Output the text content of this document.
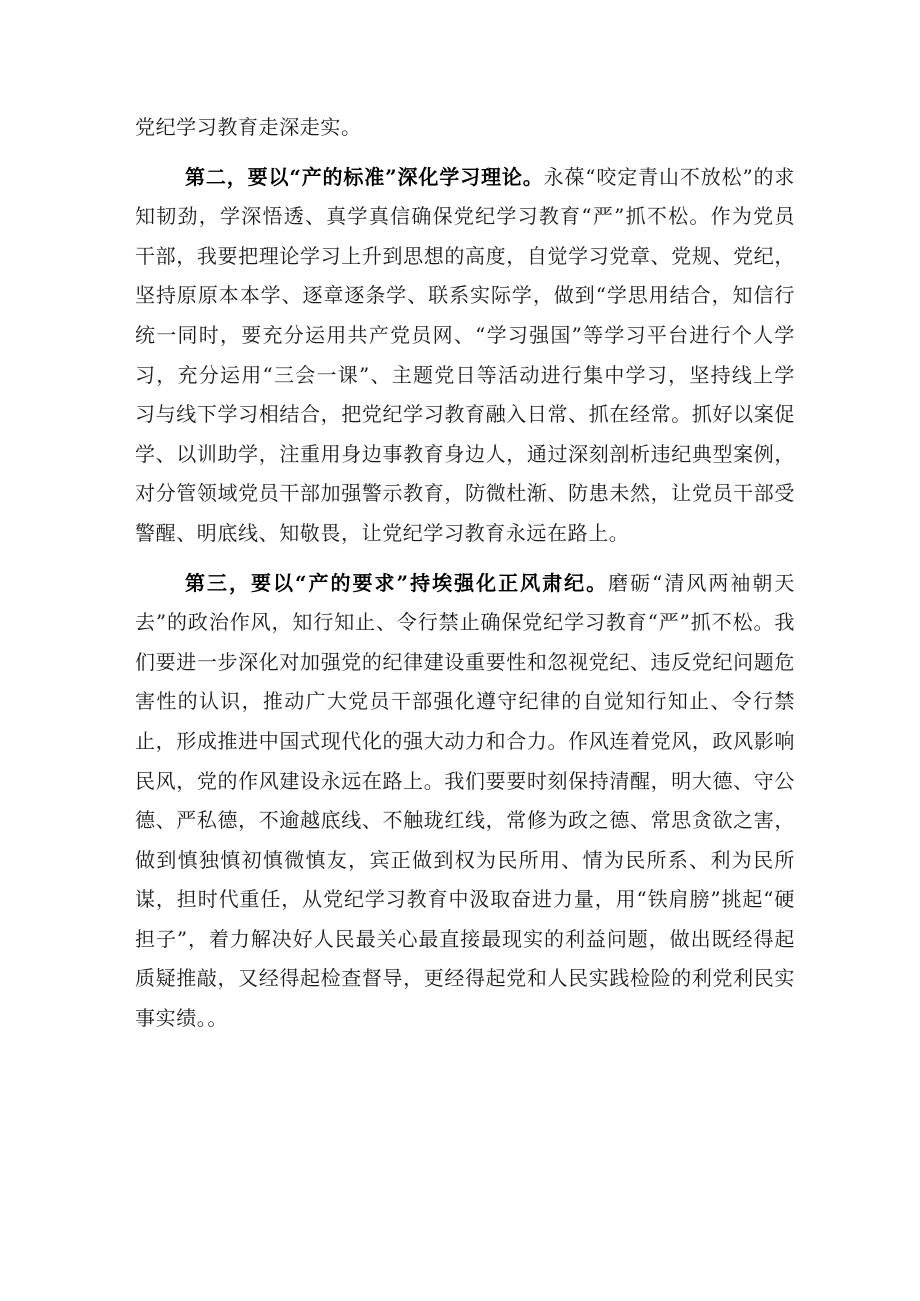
党纪学习教育走深走实。

第二，要以“产的标准”深化学习理论。永葆“咬定青山不放松”的求知韧劲，学深悟透、真学真信确保党纪学习教育“严”抓不松。作为党员干部，我要把理论学习上升到思想的高度，自觉学习党章、党规、党纪，坚持原原本本学、逐章逐条学、联系实际学，做到“学思用结合，知信行统一同时，要充分运用共产党员网、“学习强国”等学习平台进行个人学习，充分运用“三会一课”、主题党日等活动进行集中学习，坚持线上学习与线下学习相结合，把党纪学习教育融入日常、抓在经常。抓好以案促学、以训助学，注重用身边事教育身边人，通过深刻剖析违纪典型案例，对分管领域党员干部加强警示教育，防微杜渐、防患未然，让党员干部受警醒、明底线、知敬畏，让党纪学习教育永远在路上。

第三，要以“产的要求”持埃强化正风肃纪。磨砺“清风两袖朝天去”的政治作风，知行知止、令行禁止确保党纪学习教育“严”抓不松。我们要进一步深化对加强党的纪律建设重要性和忽视党纪、违反党纪问题危害性的认识，推动广大党员干部强化遵守纪律的自觉知行知止、令行禁止，形成推进中国式现代化的强大动力和合力。作风连着党风，政风影响民风，党的作风建设永远在路上。我们要要时刻保持清醒，明大德、守公德、严私德，不逾越底线、不触珑红线，常修为政之德、常思贪欲之害，做到慎独慎初慎微慎友，宾正做到权为民所用、情为民所系、利为民所谋，担时代重任，从党纪学习教育中汲取奋进力量，用“铁肩膀”挑起“硬担子”，着力解决好人民最关心最直接最现实的利益问题，做出既经得起质疑推敲，又经得起检查督导，更经得起党和人民实践检险的利党利民实事实绩。。
